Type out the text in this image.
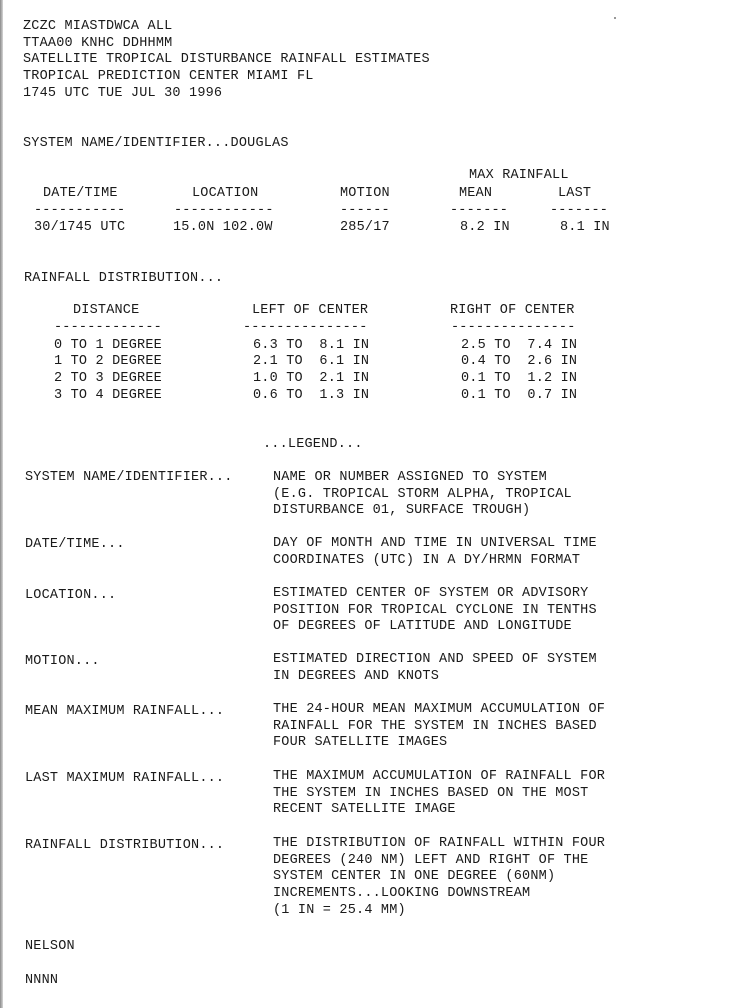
ZCZC MIASTDWCA ALL
TTAA00 KNHC DDHHMM
SATELLITE TROPICAL DISTURBANCE RAINFALL ESTIMATES
TROPICAL PREDICTION CENTER MIAMI FL
1745 UTC TUE JUL 30 1996
SYSTEM NAME/IDENTIFIER...DOUGLAS
MAX RAINFALL
DATE/TIME	LOCATION	MOTION	MEAN	LAST
-----------	------------	------	-------	-------
30/1745 UTC	15.0N 102.0W	285/17	8.2 IN	8.1 IN
RAINFALL DISTRIBUTION...
DISTANCE	LEFT OF CENTER	RIGHT OF CENTER
-------------	---------------	---------------
0 TO 1 DEGREE	6.3 TO  8.1 IN	2.5 TO  7.4 IN
1 TO 2 DEGREE	2.1 TO  6.1 IN	0.4 TO  2.6 IN
2 TO 3 DEGREE	1.0 TO  2.1 IN	0.1 TO  1.2 IN
3 TO 4 DEGREE	0.6 TO  1.3 IN	0.1 TO  0.7 IN
...LEGEND...
SYSTEM NAME/IDENTIFIER...	NAME OR NUMBER ASSIGNED TO SYSTEM
(E.G. TROPICAL STORM ALPHA, TROPICAL
DISTURBANCE 01, SURFACE TROUGH)
DATE/TIME...	DAY OF MONTH AND TIME IN UNIVERSAL TIME
COORDINATES (UTC) IN A DY/HRMN FORMAT
LOCATION...	ESTIMATED CENTER OF SYSTEM OR ADVISORY
POSITION FOR TROPICAL CYCLONE IN TENTHS
OF DEGREES OF LATITUDE AND LONGITUDE
MOTION...	ESTIMATED DIRECTION AND SPEED OF SYSTEM
IN DEGREES AND KNOTS
MEAN MAXIMUM RAINFALL...	THE 24-HOUR MEAN MAXIMUM ACCUMULATION OF
RAINFALL FOR THE SYSTEM IN INCHES BASED
FOUR SATELLITE IMAGES
LAST MAXIMUM RAINFALL...	THE MAXIMUM ACCUMULATION OF RAINFALL FOR
THE SYSTEM IN INCHES BASED ON THE MOST
RECENT SATELLITE IMAGE
RAINFALL DISTRIBUTION...	THE DISTRIBUTION OF RAINFALL WITHIN FOUR
DEGREES (240 NM) LEFT AND RIGHT OF THE
SYSTEM CENTER IN ONE DEGREE (60NM)
INCREMENTS...LOOKING DOWNSTREAM
(1 IN = 25.4 MM)
NELSON
NNNN
